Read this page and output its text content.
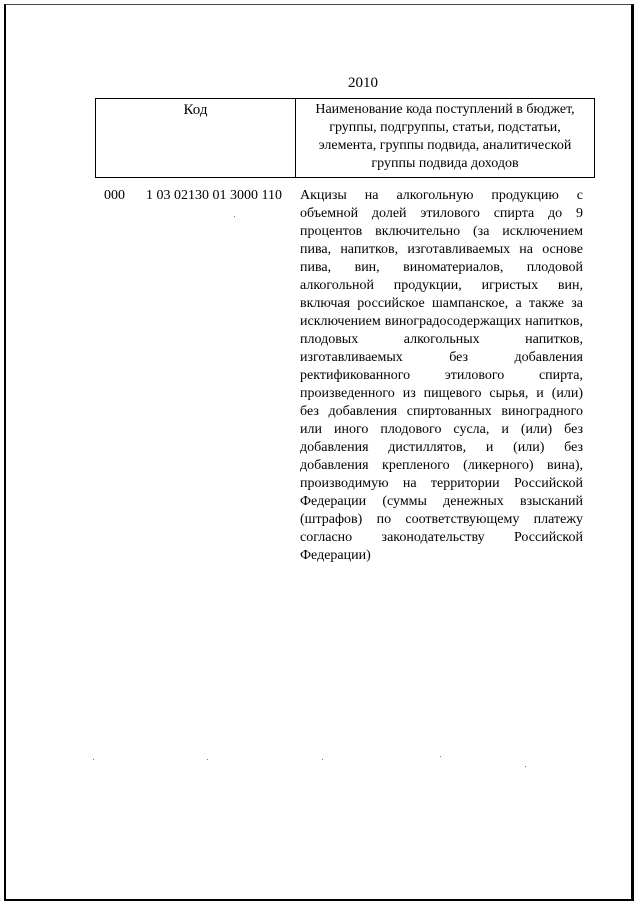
2010
Код	Наименование кода поступлений в бюджет, группы, подгруппы, статьи, подстатьи, элемента, группы подвида, аналитической группы подвида доходов
000 1 03 02130 01 3000 110 Акцизы на алкогольную продукцию с объемной долей этилового спирта до 9 процентов включительно (за исключением пива, напитков, изготавливаемых на основе пива, вин, виноматериалов, плодовой алкогольной продукции, игристых вин, включая российское шампанское, а также за исключением виноградосодержащих напитков, плодовых алкогольных напитков, изготавливаемых без добавления ректификованного этилового спирта, произведенного из пищевого сырья, и (или) без добавления спиртованных виноградного или иного плодового сусла, и (или) без добавления дистиллятов, и (или) без добавления крепленого (ликерного) вина), производимую на территории Российской Федерации (суммы денежных взысканий (штрафов) по соответствующему платежу согласно законодательству Российской Федерации)
